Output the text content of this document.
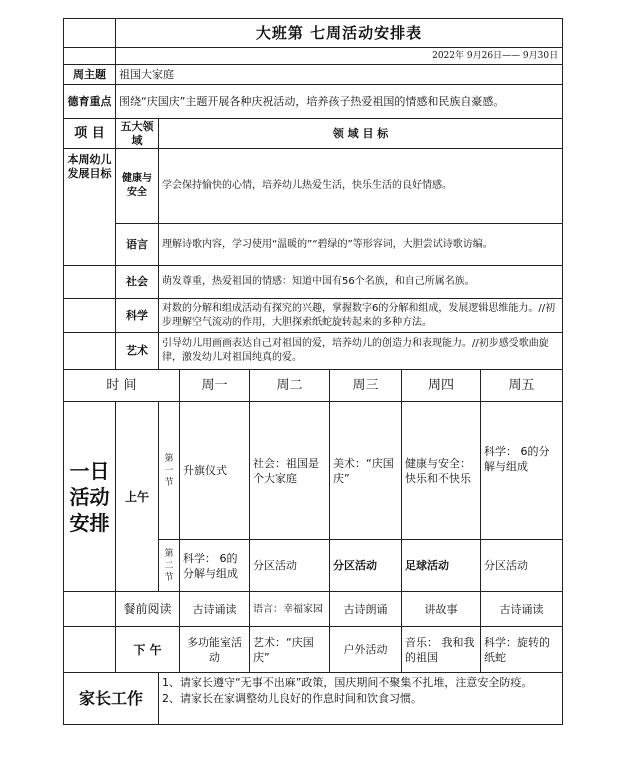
	大班第 七周活动安排表						
	2022年 9月26日—— 9月30日						
周主题	祖国大家庭						
德育重点	围绕“庆国庆”主题开展各种庆祝活动，培养孩子热爱祖国的情感和民族自豪感。						
项 目	五大领域	领 域 目 标					
本周幼儿发展目标	健康与安全	学会保持愉快的心情，培养幼儿热爱生活，快乐生活的良好情感。					
	语言	理解诗歌内容，学习使用“温暖的”“碧绿的”等形容词，大胆尝试诗歌访编。					
	社会	萌发尊重，热爱祖国的情感：知道中国有56个名族，和自己所属名族。					
	科学	对数的分解和组成活动有探究的兴趣，掌握数字6的分解和组成，发展逻辑思维能力。//初步理解空气流动的作用，大胆探索纸蛇旋转起来的多种方法。					
	艺术	引导幼儿用画画表达自己对祖国的爱，培养幼儿的创造力和表现能力。//初步感受歌曲旋律，激发幼儿对祖国纯真的爱。					
时 间			周一	周二	周三	周四	周五
一日活动安排	上午	第一节	升旗仪式	社会：祖国是个大家庭	美术：“庆国庆”	健康与安全：快乐和不快乐	科学： 6的分解与组成
		第二节	科学： 6的分解与组成	分区活动	分区活动	足球活动	分区活动
	餐前阅读		古诗诵读	语言：幸福家园	古诗朗诵	讲故事	古诗诵读
	下 午		多功能室活动	艺术：“庆国庆”	户外活动	音乐： 我和我的祖国	科学：旋转的纸蛇
家长工作		1、请家长遵守“无事不出麻”政策，国庆期间不聚集不扎堆，注意安全防疫。
2、请家长在家调整幼儿良好的作息时间和饮食习惯。					
